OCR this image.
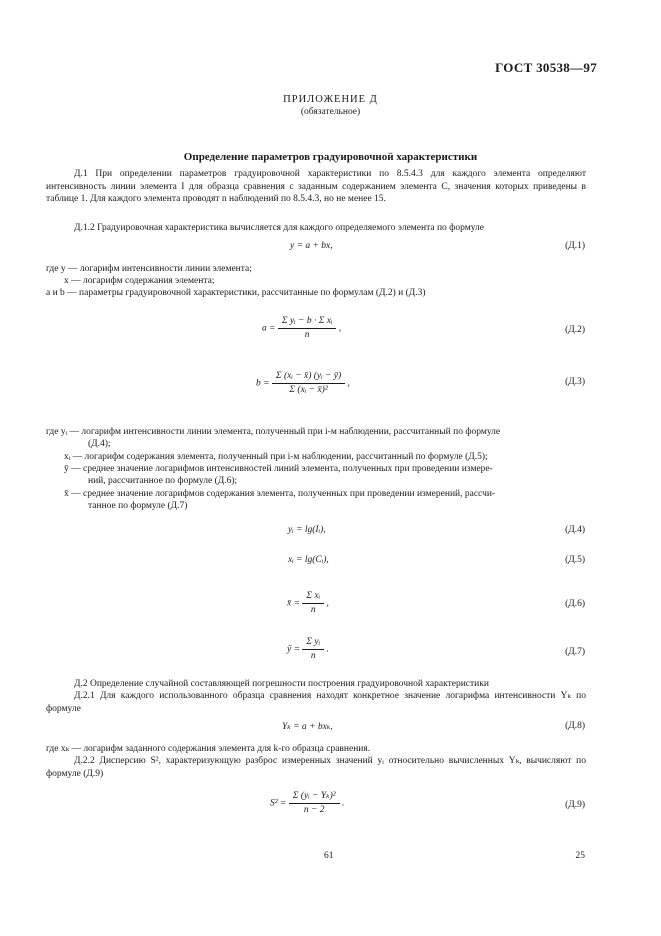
ГОСТ 30538—97
ПРИЛОЖЕНИЕ Д
(обязательное)
Определение параметров градуировочной характеристики
Д.1 При определении параметров градуировочной характеристики по 8.5.4.3 для каждого элемента определяют интенсивность линии элемента I для образца сравнения с заданным содержанием элемента C, значения которых приведены в таблице 1. Для каждого элемента проводят n наблюдений по 8.5.4.3, но не менее 15.
Д.1.2 Градуировочная характеристика вычисляется для каждого определяемого элемента по формуле
y = a + bx,	(Д.1)
где y — логарифм интенсивности линии элемента;
x — логарифм содержания элемента;
a и b — параметры градуировочной характеристики, рассчитанные по формулам (Д.2) и (Д.3)
$a = \frac{\text{Σ yᵢ − b · Σ xᵢ}}{n}$ ,	(Д.2)
$b = \frac{\text{Σ (xᵢ − x̄) (yᵢ − ȳ)}}{\text{Σ (xᵢ − x̄)²}}$ ,	(Д.3)
где yᵢ — логарифм интенсивности линии элемента, полученный при i-м наблюдении, рассчитанный по формуле
(Д.4);
xᵢ — логарифм содержания элемента, полученный при i-м наблюдении, рассчитанный по формуле (Д.5);
ȳ — среднее значение логарифмов интенсивностей линий элемента, полученных при проведении измере-
ний, рассчитанное по формуле (Д.6);
x̄ — среднее значение логарифмов содержания элемента, полученных при проведении измерений, рассчи-
танное по формуле (Д.7)
yᵢ = lg(Iᵢ),	(Д.4)
xᵢ = lg(Cᵢ),	(Д.5)
x̄ = $\frac{\text{Σ xᵢ}}{n}$ ,	(Д.6)
ȳ = $\frac{\text{Σ yᵢ}}{n}$ .	(Д.7)
Д.2 Определение случайной составляющей погрешности построения градуировочной характеристики
Д.2.1 Для каждого использованного образца сравнения находят конкретное значение логарифма интенсивности Yₖ по формуле
Yₖ = a + bxₖ,	(Д.8)
где xₖ — логарифм заданного содержания элемента для k-го образца сравнения.
Д.2.2 Дисперсию S², характеризующую разброс измеренных значений yᵢ относительно вычисленных Yₖ, вычисляют по формуле (Д.9)
$S^2 = \frac{\text{Σ (yᵢ − Yₖ)²}}{n - 2}$ .	(Д.9)
61	25
